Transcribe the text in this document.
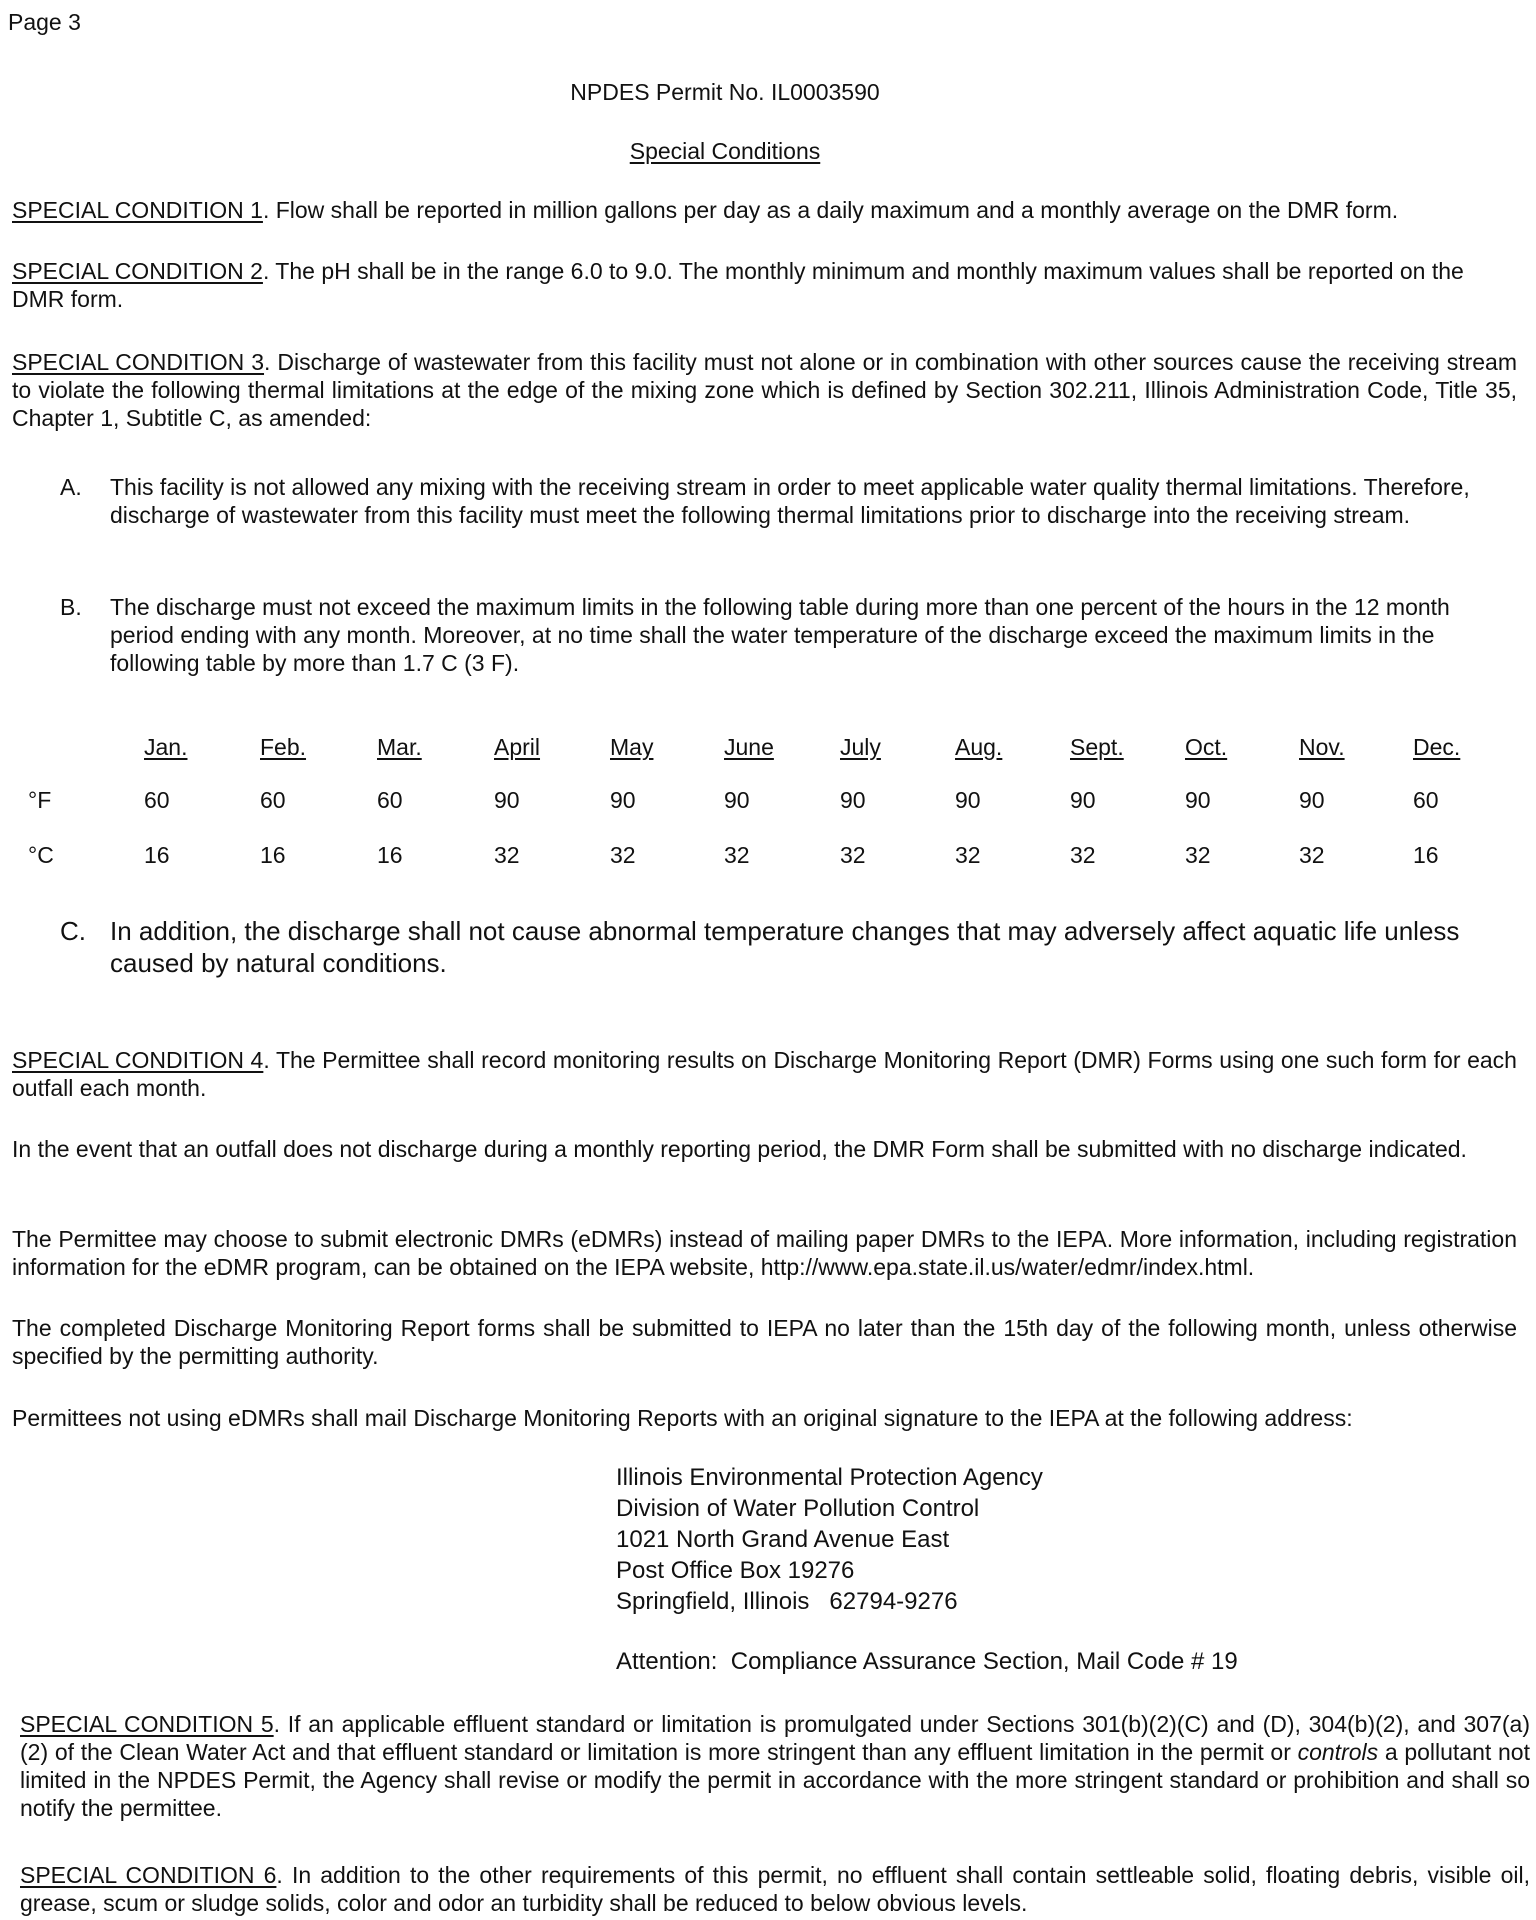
Page 3
NPDES Permit No. IL0003590
Special Conditions

SPECIAL CONDITION 1. Flow shall be reported in million gallons per day as a daily maximum and a monthly average on the DMR form.

SPECIAL CONDITION 2. The pH shall be in the range 6.0 to 9.0. The monthly minimum and monthly maximum values shall be reported on the DMR form.

SPECIAL CONDITION 3. Discharge of wastewater from this facility must not alone or in combination with other sources cause the receiving stream to violate the following thermal limitations at the edge of the mixing zone which is defined by Section 302.211, Illinois Administration Code, Title 35, Chapter 1, Subtitle C, as amended:

A.	This facility is not allowed any mixing with the receiving stream in order to meet applicable water quality thermal limitations. Therefore, discharge of wastewater from this facility must meet the following thermal limitations prior to discharge into the receiving stream.
B.	The discharge must not exceed the maximum limits in the following table during more than one percent of the hours in the 12 month period ending with any month. Moreover, at no time shall the water temperature of the discharge exceed the maximum limits in the following table by more than 1.7 C (3 F).
	Jan.	Feb.	Mar.	April	May	June	July	Aug.	Sept.	Oct.	Nov.	Dec.
°F	60	60	60	90	90	90	90	90	90	90	90	60
°C	16	16	16	32	32	32	32	32	32	32	32	16
C. In addition, the discharge shall not cause abnormal temperature changes that may adversely affect aquatic life unless caused by natural conditions.

SPECIAL CONDITION 4. The Permittee shall record monitoring results on Discharge Monitoring Report (DMR) Forms using one such form for each outfall each month.

In the event that an outfall does not discharge during a monthly reporting period, the DMR Form shall be submitted with no discharge indicated.

The Permittee may choose to submit electronic DMRs (eDMRs) instead of mailing paper DMRs to the IEPA. More information, including registration information for the eDMR program, can be obtained on the IEPA website, http://www.epa.state.il.us/water/edmr/index.html.

The completed Discharge Monitoring Report forms shall be submitted to IEPA no later than the 15th day of the following month, unless otherwise specified by the permitting authority.

Permittees not using eDMRs shall mail Discharge Monitoring Reports with an original signature to the IEPA at the following address:

Illinois Environmental Protection Agency
Division of Water Pollution Control
1021 North Grand Avenue East
Post Office Box 19276
Springfield, Illinois   62794-9276
Attention:  Compliance Assurance Section, Mail Code # 19

SPECIAL CONDITION 5. If an applicable effluent standard or limitation is promulgated under Sections 301(b)(2)(C) and (D), 304(b)(2), and 307(a)(2) of the Clean Water Act and that effluent standard or limitation is more stringent than any effluent limitation in the permit or controls a pollutant not limited in the NPDES Permit, the Agency shall revise or modify the permit in accordance with the more stringent standard or prohibition and shall so notify the permittee.

SPECIAL CONDITION 6. In addition to the other requirements of this permit, no effluent shall contain settleable solid, floating debris, visible oil, grease, scum or sludge solids, color and odor an turbidity shall be reduced to below obvious levels.
